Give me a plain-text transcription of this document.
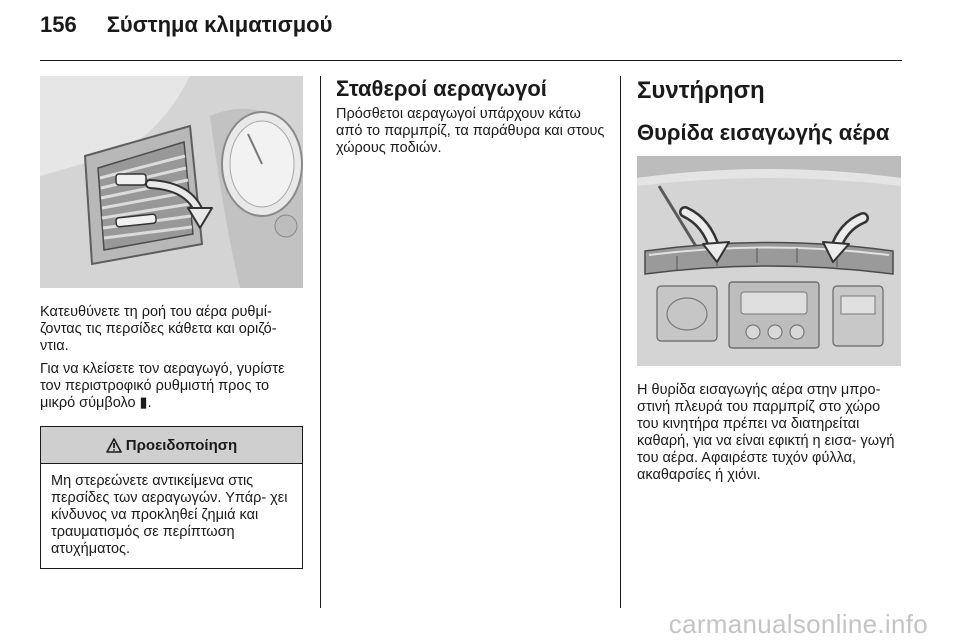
156 Σύστημα κλιματισμού

Κατευθύνετε τη ροή του αέρα ρυθμί- ζοντας τις περσίδες κάθετα και οριζό- ντια.

Για να κλείσετε τον αεραγωγό, γυρίστε τον περιστροφικό ρυθμιστή προς το μικρό σύμβολο ▮.

Προειδοποίηση

Μη στερεώνετε αντικείμενα στις περσίδες των αεραγωγών. Υπάρ- χει κίνδυνος να προκληθεί ζημιά και τραυματισμός σε περίπτωση ατυχήματος.

Σταθεροί αεραγωγοί

Πρόσθετοι αεραγωγοί υπάρχουν κάτω από το παρμπρίζ, τα παράθυρα και στους χώρους ποδιών.

Συντήρηση
Θυρίδα εισαγωγής αέρα

Η θυρίδα εισαγωγής αέρα στην μπρο- στινή πλευρά του παρμπρίζ στο χώρο του κινητήρα πρέπει να διατηρείται καθαρή, για να είναι εφικτή η εισα- γωγή του αέρα. Αφαιρέστε τυχόν φύλλα, ακαθαρσίες ή χιόνι.

carmanualsonline.info
